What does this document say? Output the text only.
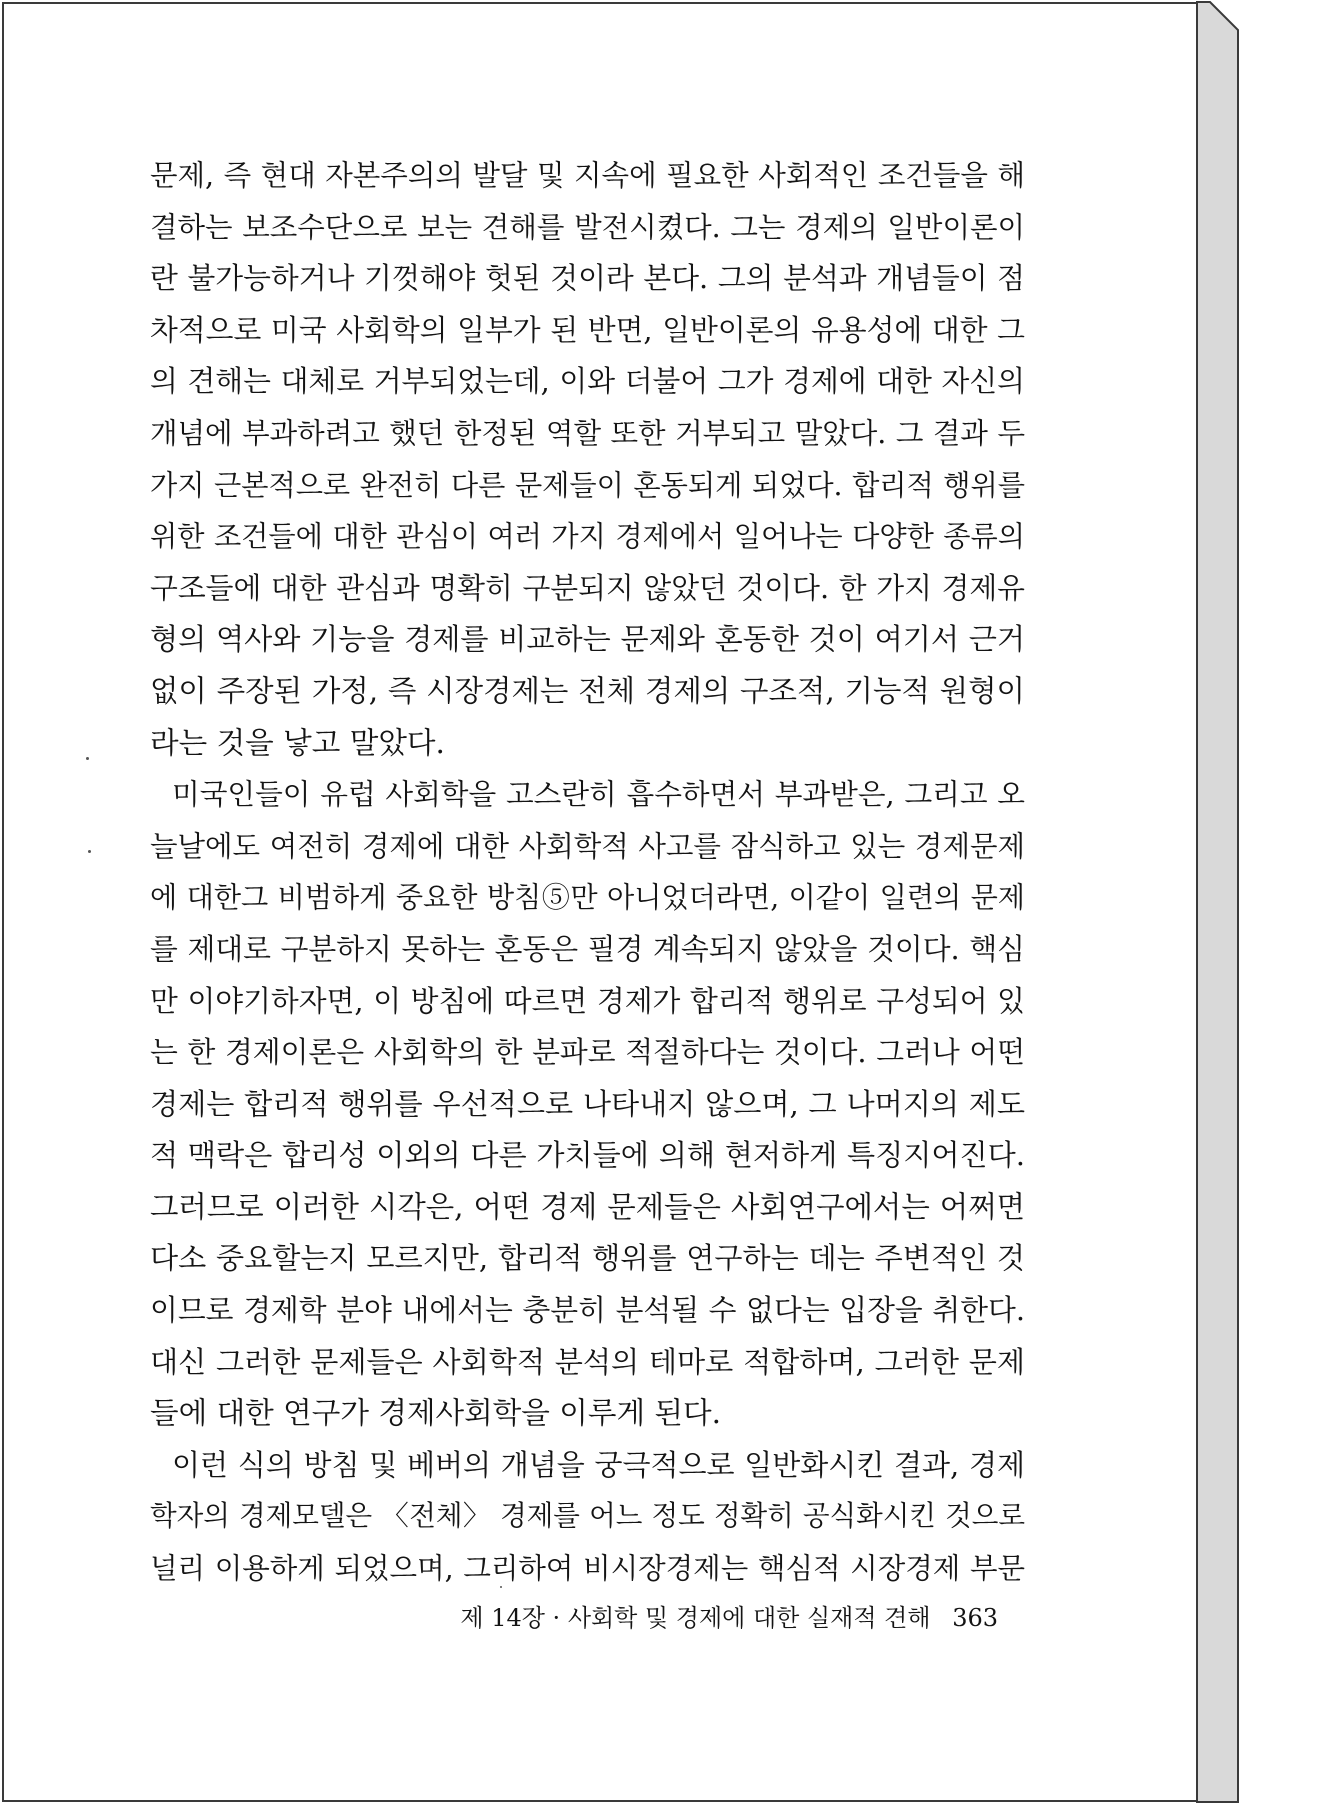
문제, 즉 현대 자본주의의 발달 및 지속에 필요한 사회적인 조건들을 해
결하는 보조수단으로 보는 견해를 발전시켰다. 그는 경제의 일반이론이
란 불가능하거나 기껏해야 헛된 것이라 본다. 그의 분석과 개념들이 점
차적으로 미국 사회학의 일부가 된 반면, 일반이론의 유용성에 대한 그
의 견해는 대체로 거부되었는데, 이와 더불어 그가 경제에 대한 자신의
개념에 부과하려고 했던 한정된 역할 또한 거부되고 말았다. 그 결과 두
가지 근본적으로 완전히 다른 문제들이 혼동되게 되었다. 합리적 행위를
위한 조건들에 대한 관심이 여러 가지 경제에서 일어나는 다양한 종류의
구조들에 대한 관심과 명확히 구분되지 않았던 것이다. 한 가지 경제유
형의 역사와 기능을 경제를 비교하는 문제와 혼동한 것이 여기서 근거
없이 주장된 가정, 즉 시장경제는 전체 경제의 구조적, 기능적 원형이
라는 것을 낳고 말았다.
미국인들이 유럽 사회학을 고스란히 흡수하면서 부과받은, 그리고 오
늘날에도 여전히 경제에 대한 사회학적 사고를 잠식하고 있는 경제문제
에 대한그 비범하게 중요한 방침⑤만 아니었더라면, 이같이 일련의 문제
를 제대로 구분하지 못하는 혼동은 필경 계속되지 않았을 것이다. 핵심
만 이야기하자면, 이 방침에 따르면 경제가 합리적 행위로 구성되어 있
는 한 경제이론은 사회학의 한 분파로 적절하다는 것이다. 그러나 어떤
경제는 합리적 행위를 우선적으로 나타내지 않으며, 그 나머지의 제도
적 맥락은 합리성 이외의 다른 가치들에 의해 현저하게 특징지어진다.
그러므로 이러한 시각은, 어떤 경제 문제들은 사회연구에서는 어쩌면
다소 중요할는지 모르지만, 합리적 행위를 연구하는 데는 주변적인 것
이므로 경제학 분야 내에서는 충분히 분석될 수 없다는 입장을 취한다.
대신 그러한 문제들은 사회학적 분석의 테마로 적합하며, 그러한 문제
들에 대한 연구가 경제사회학을 이루게 된다.
이런 식의 방침 및 베버의 개념을 궁극적으로 일반화시킨 결과, 경제
학자의 경제모델은 〈전체〉 경제를 어느 정도 정확히 공식화시킨 것으로
널리 이용하게 되었으며, 그리하여 비시장경제는 핵심적 시장경제 부문
제 14장 · 사회학 및 경제에 대한 실재적 견해 363
